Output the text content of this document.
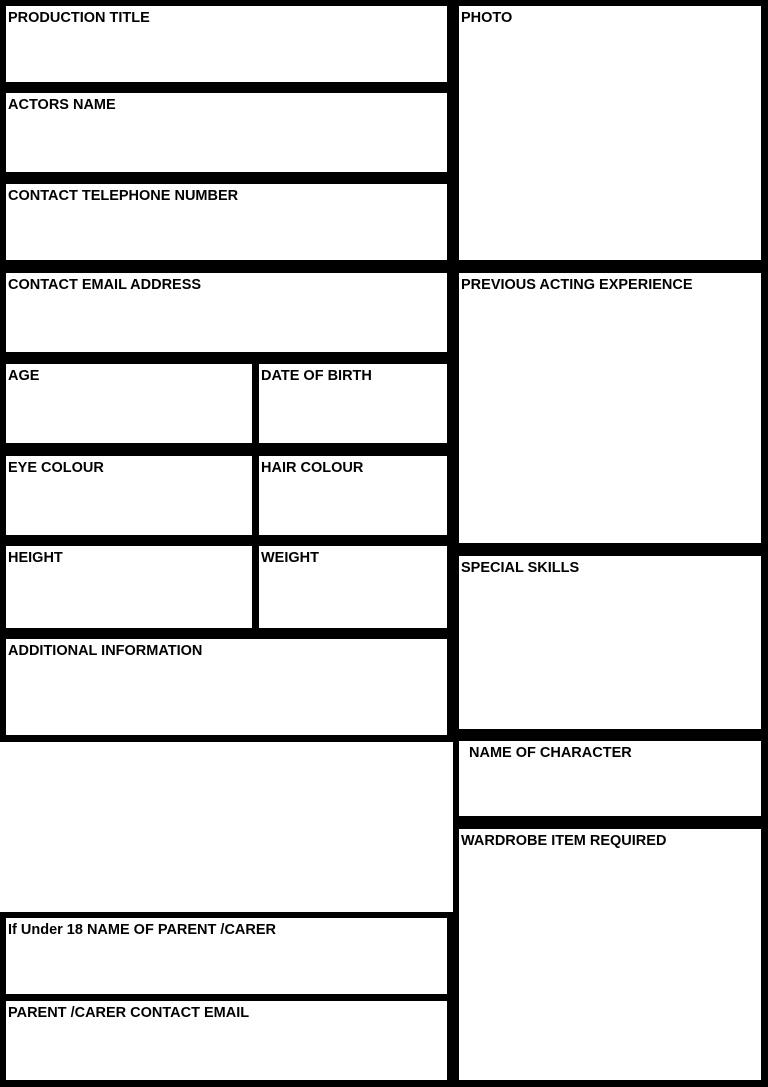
PRODUCTION TITLE
ACTORS NAME
CONTACT TELEPHONE NUMBER
CONTACT EMAIL ADDRESS
AGE	DATE OF BIRTH
EYE COLOUR	HAIR COLOUR
HEIGHT	WEIGHT
ADDITIONAL INFORMATION
If Under 18 NAME OF PARENT /CARER
PARENT /CARER CONTACT EMAIL
PHOTO
PREVIOUS ACTING EXPERIENCE
SPECIAL SKILLS
NAME OF CHARACTER
WARDROBE ITEM REQUIRED
